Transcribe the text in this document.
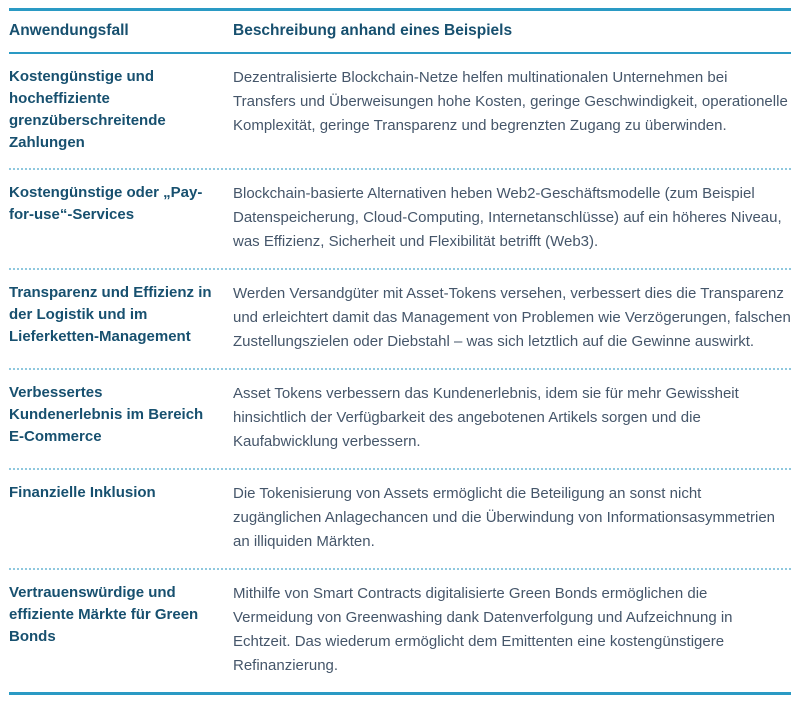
Anwendungsfall	Beschreibung anhand eines Beispiels
Kostengünstige und hocheffiziente grenzüberschreitende Zahlungen
Dezentralisierte Blockchain-Netze helfen multinationalen Unternehmen bei Transfers und Überweisungen hohe Kosten, geringe Geschwindigkeit, operationelle Komplexität, geringe Transparenz und begrenzten Zugang zu überwinden.
Kostengünstige oder „Pay-for-use“-Services
Blockchain-basierte Alternativen heben Web2-Geschäftsmodelle (zum Beispiel Datenspeicherung, Cloud-Computing, Internetanschlüsse) auf ein höheres Niveau, was Effizienz, Sicherheit und Flexibilität betrifft (Web3).
Transparenz und Effizienz in der Logistik und im Lieferketten-Management
Werden Versandgüter mit Asset-Tokens versehen, verbessert dies die Transparenz und erleichtert damit das Management von Problemen wie Verzögerungen, falschen Zustellungszielen oder Diebstahl – was sich letztlich auf die Gewinne auswirkt.
Verbessertes Kundenerlebnis im Bereich E-Commerce
Asset Tokens verbessern das Kundenerlebnis, idem sie für mehr Gewissheit hinsichtlich der Verfügbarkeit des angebotenen Artikels sorgen und die Kaufabwicklung verbessern.
Finanzielle Inklusion	Die Tokenisierung von Assets ermöglicht die Beteiligung an sonst nicht zugänglichen Anlagechancen und die Überwindung von Informationsasymmetrien an illiquiden Märkten.
Vertrauenswürdige und effiziente Märkte für Green Bonds
Mithilfe von Smart Contracts digitalisierte Green Bonds ermöglichen die Vermeidung von Greenwashing dank Datenverfolgung und Aufzeichnung in Echtzeit. Das wiederum ermöglicht dem Emittenten eine kostengünstigere Refinanzierung.
